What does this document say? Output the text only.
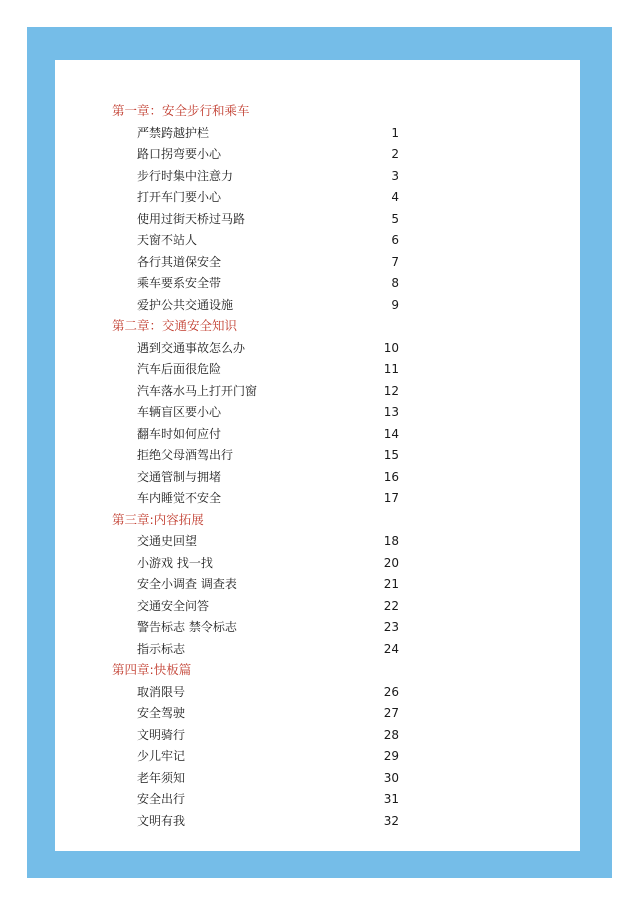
第一章：安全步行和乘车
严禁跨越护栏	1
路口拐弯要小心	2
步行时集中注意力	3
打开车门要小心	4
使用过街天桥过马路	5
天窗不站人	6
各行其道保安全	7
乘车要系安全带	8
爱护公共交通设施	9
第二章：交通安全知识
遇到交通事故怎么办	10
汽车后面很危险	11
汽车落水马上打开门窗	12
车辆盲区要小心	13
翻车时如何应付	14
拒绝父母酒驾出行	15
交通管制与拥堵	16
车内睡觉不安全	17
第三章:内容拓展
交通史回望	18
小游戏 找一找	20
安全小调查 调查表	21
交通安全问答	22
警告标志 禁令标志	23
指示标志	24
第四章:快板篇
取消限号	26
安全驾驶	27
文明骑行	28
少儿牢记	29
老年须知	30
安全出行	31
文明有我	32
